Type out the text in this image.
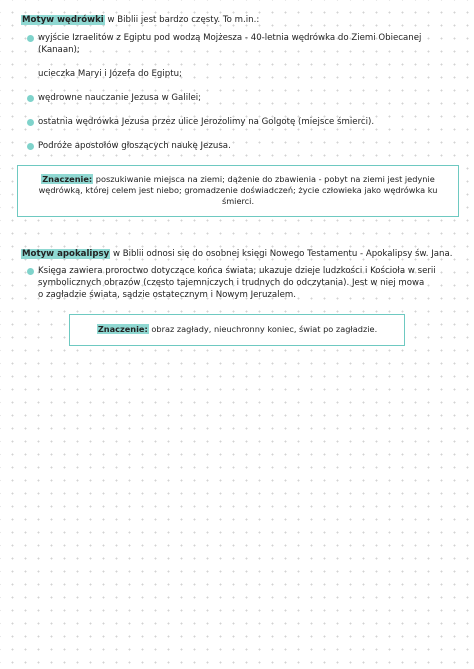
Motyw wędrówki w Biblii jest bardzo częsty. To m.in.:
wyjście Izraelitów z Egiptu pod wodzą Mojżesza - 40-letnia wędrówka do Ziemi Obiecanej
(Kanaan);
ucieczka Maryi i Józefa do Egiptu;
wędrowne nauczanie Jezusa w Galilei;
ostatnia wędrówka Jezusa przez ulice Jerozolimy na Golgotę (miejsce śmierci).
Podróże apostołów głoszących naukę Jezusa.
Znaczenie: poszukiwanie miejsca na ziemi; dążenie do zbawienia - pobyt na ziemi jest jedynie
wędrówką, której celem jest niebo; gromadzenie doświadczeń; życie człowieka jako wędrówka ku
śmierci.
Motyw apokalipsy w Biblii odnosi się do osobnej księgi Nowego Testamentu - Apokalipsy św. Jana.
Księga zawiera proroctwo dotyczące końca świata; ukazuje dzieje ludzkości i Kościoła w serii
symbolicznych obrazów (często tajemniczych i trudnych do odczytania). Jest w niej mowa
o zagładzie świata, sądzie ostatecznym i Nowym Jeruzalem.
Znaczenie: obraz zagłady, nieuchronny koniec, świat po zagładzie.
